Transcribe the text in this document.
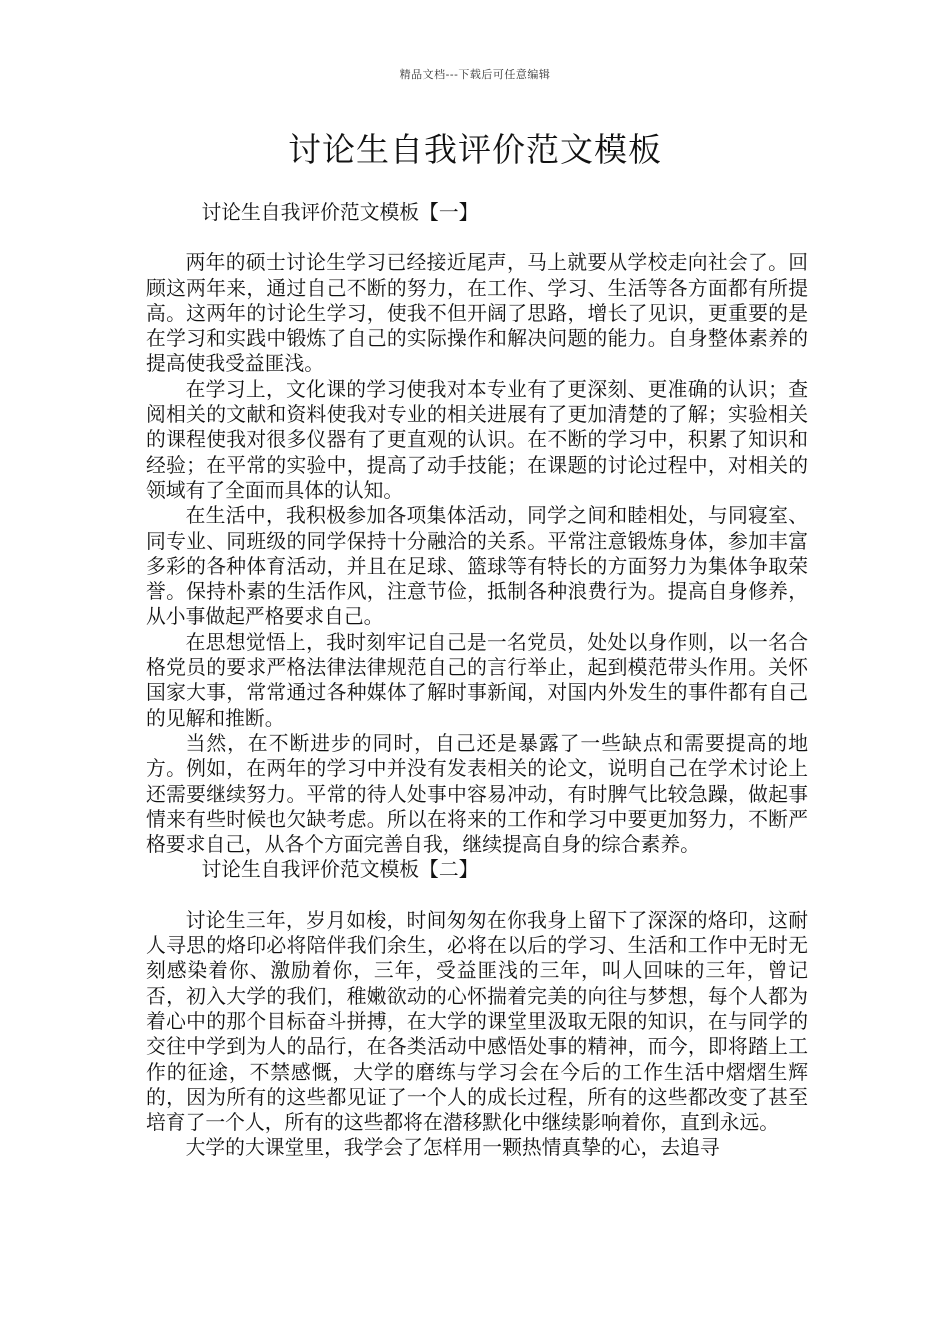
精品文档---下载后可任意编辑
讨论生自我评价范文模板
讨论生自我评价范文模板【一】

两年的硕士讨论生学习已经接近尾声，马上就要从学校走向社会了。回顾这两年来，通过自己不断的努力，在工作、学习、生活等各方面都有所提高。这两年的讨论生学习，使我不但开阔了思路，增长了见识，更重要的是在学习和实践中锻炼了自己的实际操作和解决问题的能力。自身整体素养的提高使我受益匪浅。

在学习上，文化课的学习使我对本专业有了更深刻、更准确的认识；查阅相关的文献和资料使我对专业的相关进展有了更加清楚的了解；实验相关的课程使我对很多仪器有了更直观的认识。在不断的学习中，积累了知识和经验；在平常的实验中，提高了动手技能；在课题的讨论过程中，对相关的领域有了全面而具体的认知。

在生活中，我积极参加各项集体活动，同学之间和睦相处，与同寝室、同专业、同班级的同学保持十分融洽的关系。平常注意锻炼身体，参加丰富多彩的各种体育活动，并且在足球、篮球等有特长的方面努力为集体争取荣誉。保持朴素的生活作风，注意节俭，抵制各种浪费行为。提高自身修养，从小事做起严格要求自己。

在思想觉悟上，我时刻牢记自己是一名党员，处处以身作则，以一名合格党员的要求严格法律法律规范自己的言行举止，起到模范带头作用。关怀国家大事，常常通过各种媒体了解时事新闻，对国内外发生的事件都有自己的见解和推断。

当然，在不断进步的同时，自己还是暴露了一些缺点和需要提高的地方。例如，在两年的学习中并没有发表相关的论文，说明自己在学术讨论上还需要继续努力。平常的待人处事中容易冲动，有时脾气比较急躁，做起事情来有些时候也欠缺考虑。所以在将来的工作和学习中要更加努力，不断严格要求自己，从各个方面完善自我，继续提高自身的综合素养。

讨论生自我评价范文模板【二】

讨论生三年，岁月如梭，时间匆匆在你我身上留下了深深的烙印，这耐人寻思的烙印必将陪伴我们余生，必将在以后的学习、生活和工作中无时无刻感染着你、激励着你，三年，受益匪浅的三年，叫人回味的三年，曾记否，初入大学的我们，稚嫩欲动的心怀揣着完美的向往与梦想，每个人都为着心中的那个目标奋斗拼搏，在大学的课堂里汲取无限的知识，在与同学的交往中学到为人的品行，在各类活动中感悟处事的精神，而今，即将踏上工作的征途，不禁感慨，大学的磨练与学习会在今后的工作生活中熠熠生辉的，因为所有的这些都见证了一个人的成长过程，所有的这些都改变了甚至培育了一个人，所有的这些都将在潜移默化中继续影响着你，直到永远。

大学的大课堂里，我学会了怎样用一颗热情真挚的心，去追寻
